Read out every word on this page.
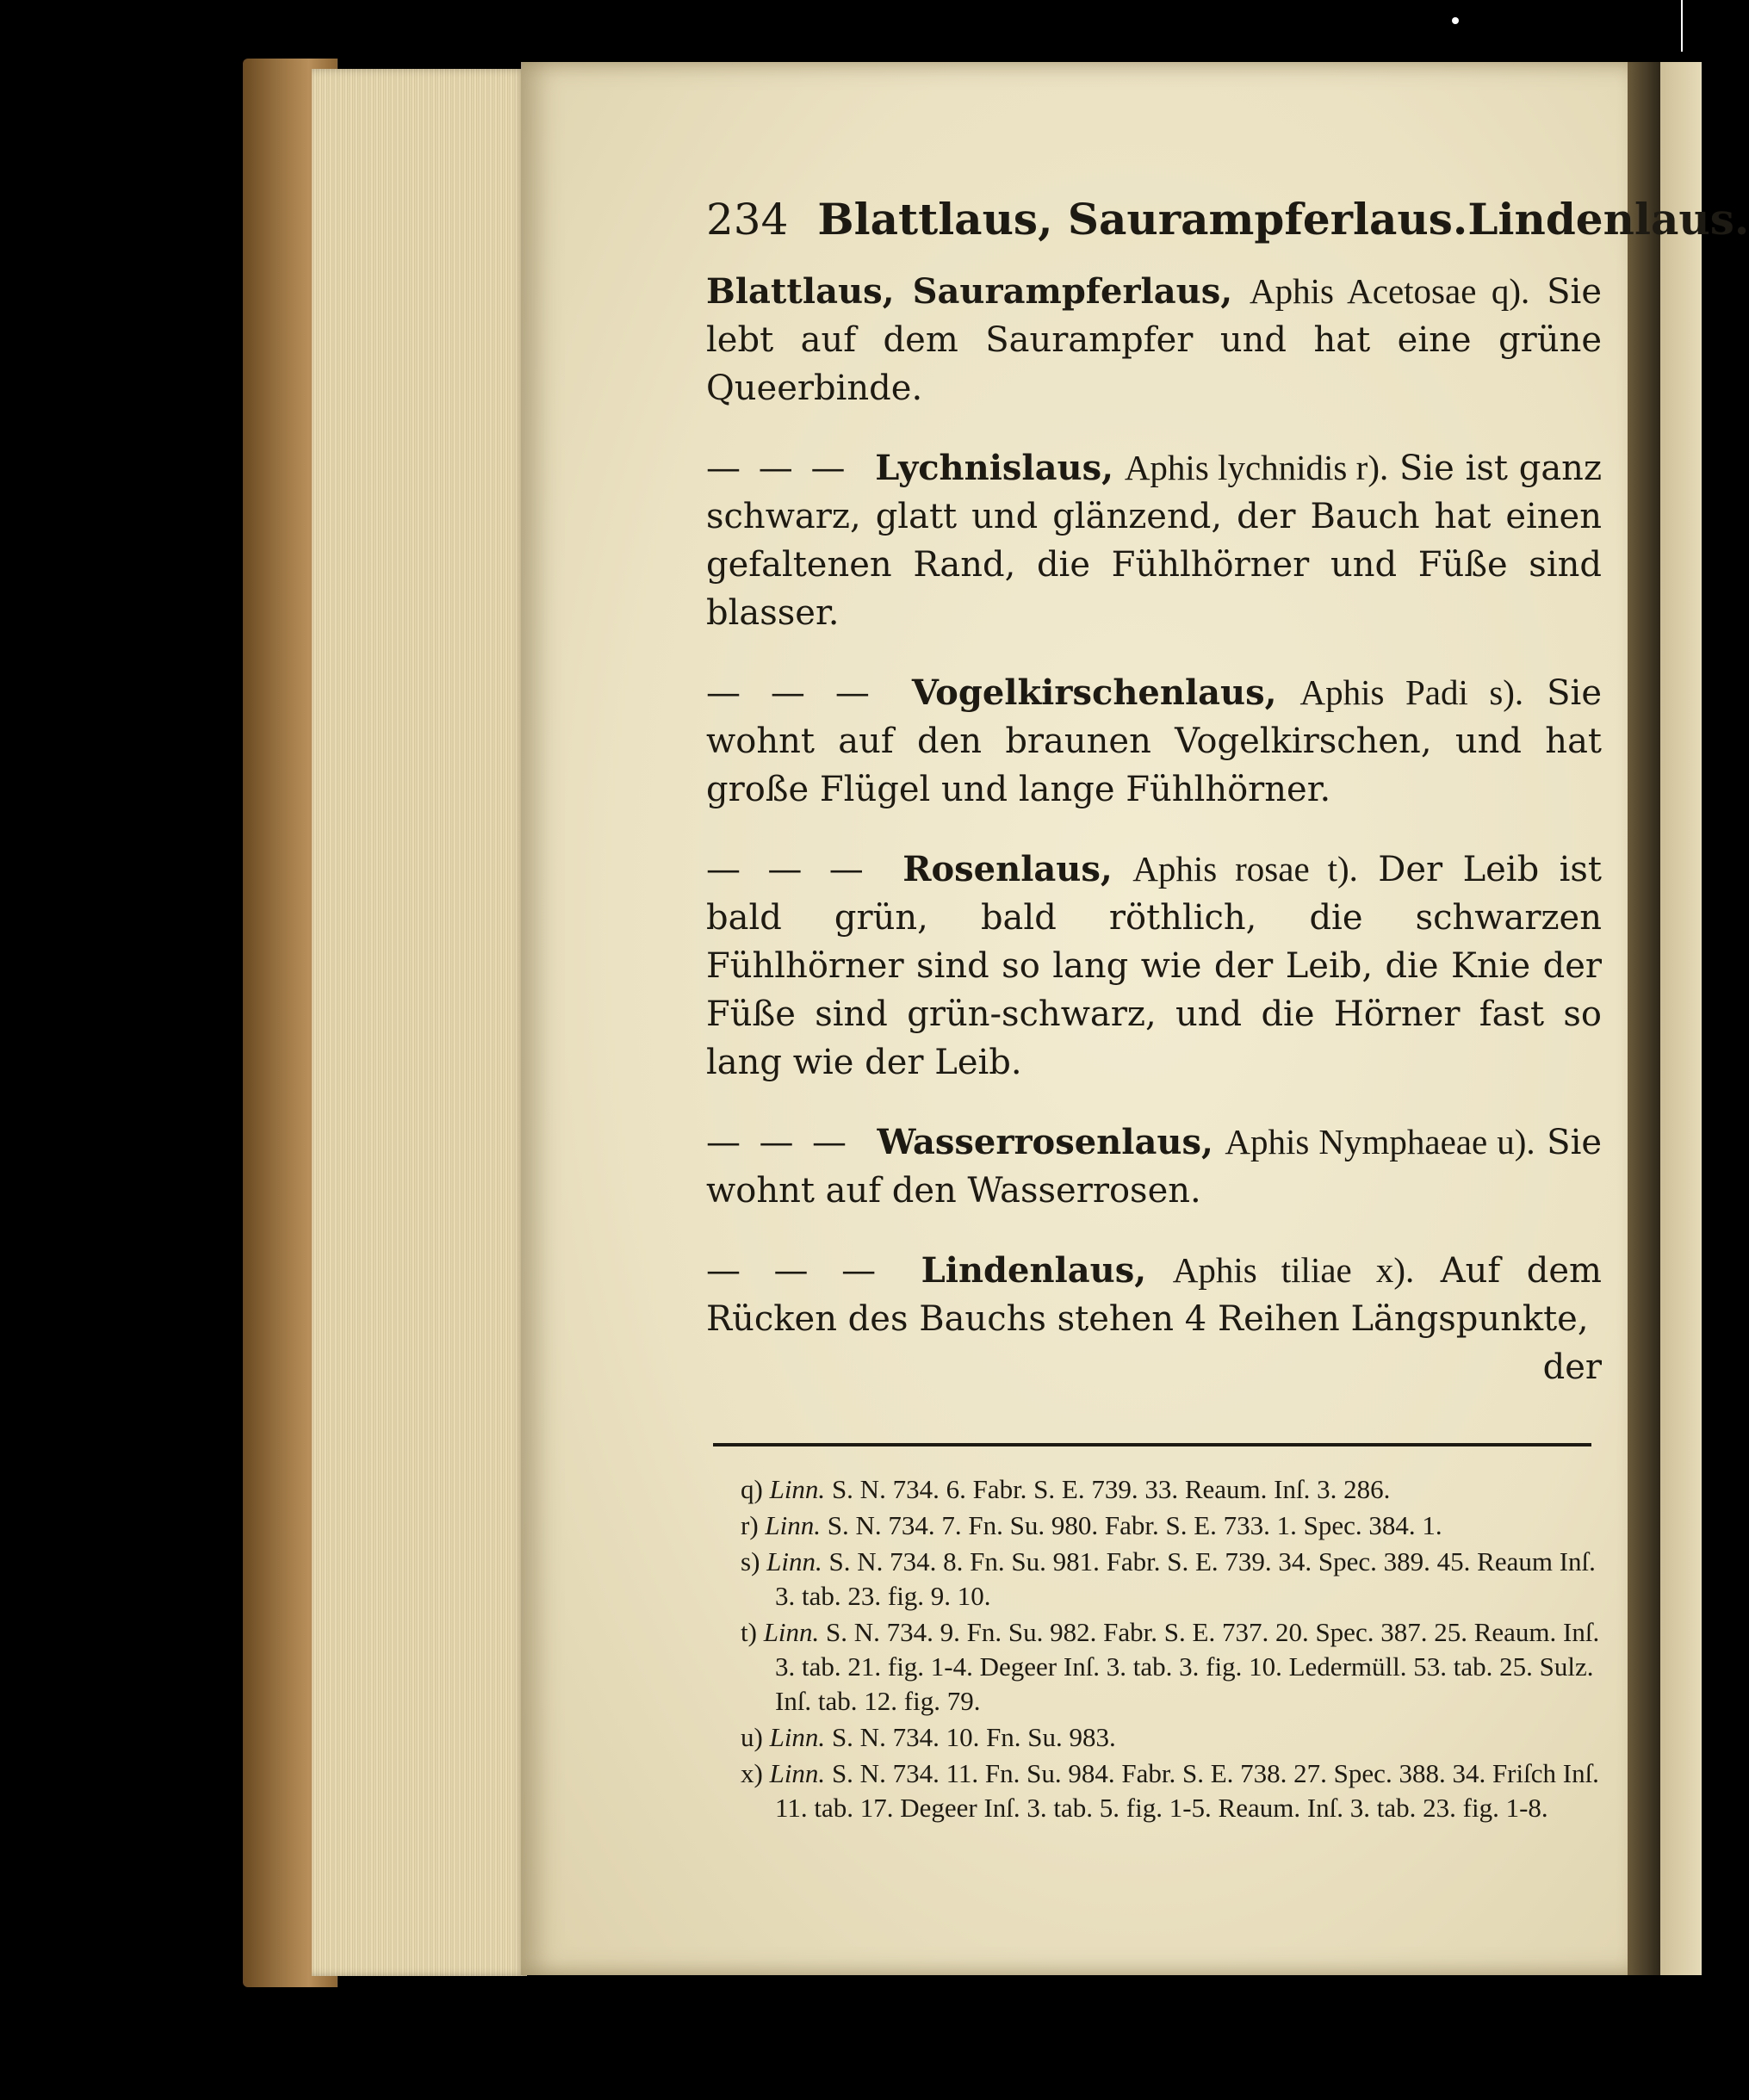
234 Blattlaus, Saurampferlaus. Lindenlaus.
Blattlaus, Saurampferlaus, Aphis Acetosae q). Sie lebt auf dem Saurampfer und hat eine grüne Queerbinde.
— — — Lychnislaus, Aphis lychnidis r). Sie ist ganz schwarz, glatt und glänzend, der Bauch hat einen gefaltenen Rand, die Fühlhörner und Füße sind blasser.
— — — Vogelkirschenlaus, Aphis Padi s). Sie wohnt auf den braunen Vogelkirschen, und hat große Flügel und lange Fühlhörner.
— — — Rosenlaus, Aphis rosae t). Der Leib ist bald grün, bald röthlich, die schwarzen Fühlhörner sind so lang wie der Leib, die Knie der Füße sind grün-schwarz, und die Hörner fast so lang wie der Leib.
— — — Wasserrosenlaus, Aphis Nymphaeae u). Sie wohnt auf den Wasserrosen.
— — — Lindenlaus, Aphis tiliae x). Auf dem Rücken des Bauchs stehen 4 Reihen Längspunkte,
der
q) Linn. S. N. 734. 6. Fabr. S. E. 739. 33. Reaum. Inſ. 3. 286.
r) Linn. S. N. 734. 7. Fn. Su. 980. Fabr. S. E. 733. 1. Spec. 384. 1.
s) Linn. S. N. 734. 8. Fn. Su. 981. Fabr. S. E. 739. 34. Spec. 389. 45. Reaum Inſ. 3. tab. 23. fig. 9. 10.
t) Linn. S. N. 734. 9. Fn. Su. 982. Fabr. S. E. 737. 20. Spec. 387. 25. Reaum. Inſ. 3. tab. 21. fig. 1-4. Degeer Inſ. 3. tab. 3. fig. 10. Ledermüll. 53. tab. 25. Sulz. Inſ. tab. 12. fig. 79.
u) Linn. S. N. 734. 10. Fn. Su. 983.
x) Linn. S. N. 734. 11. Fn. Su. 984. Fabr. S. E. 738. 27. Spec. 388. 34. Friſch Inſ. 11. tab. 17. Degeer Inſ. 3. tab. 5. fig. 1-5. Reaum. Inſ. 3. tab. 23. fig. 1-8.
